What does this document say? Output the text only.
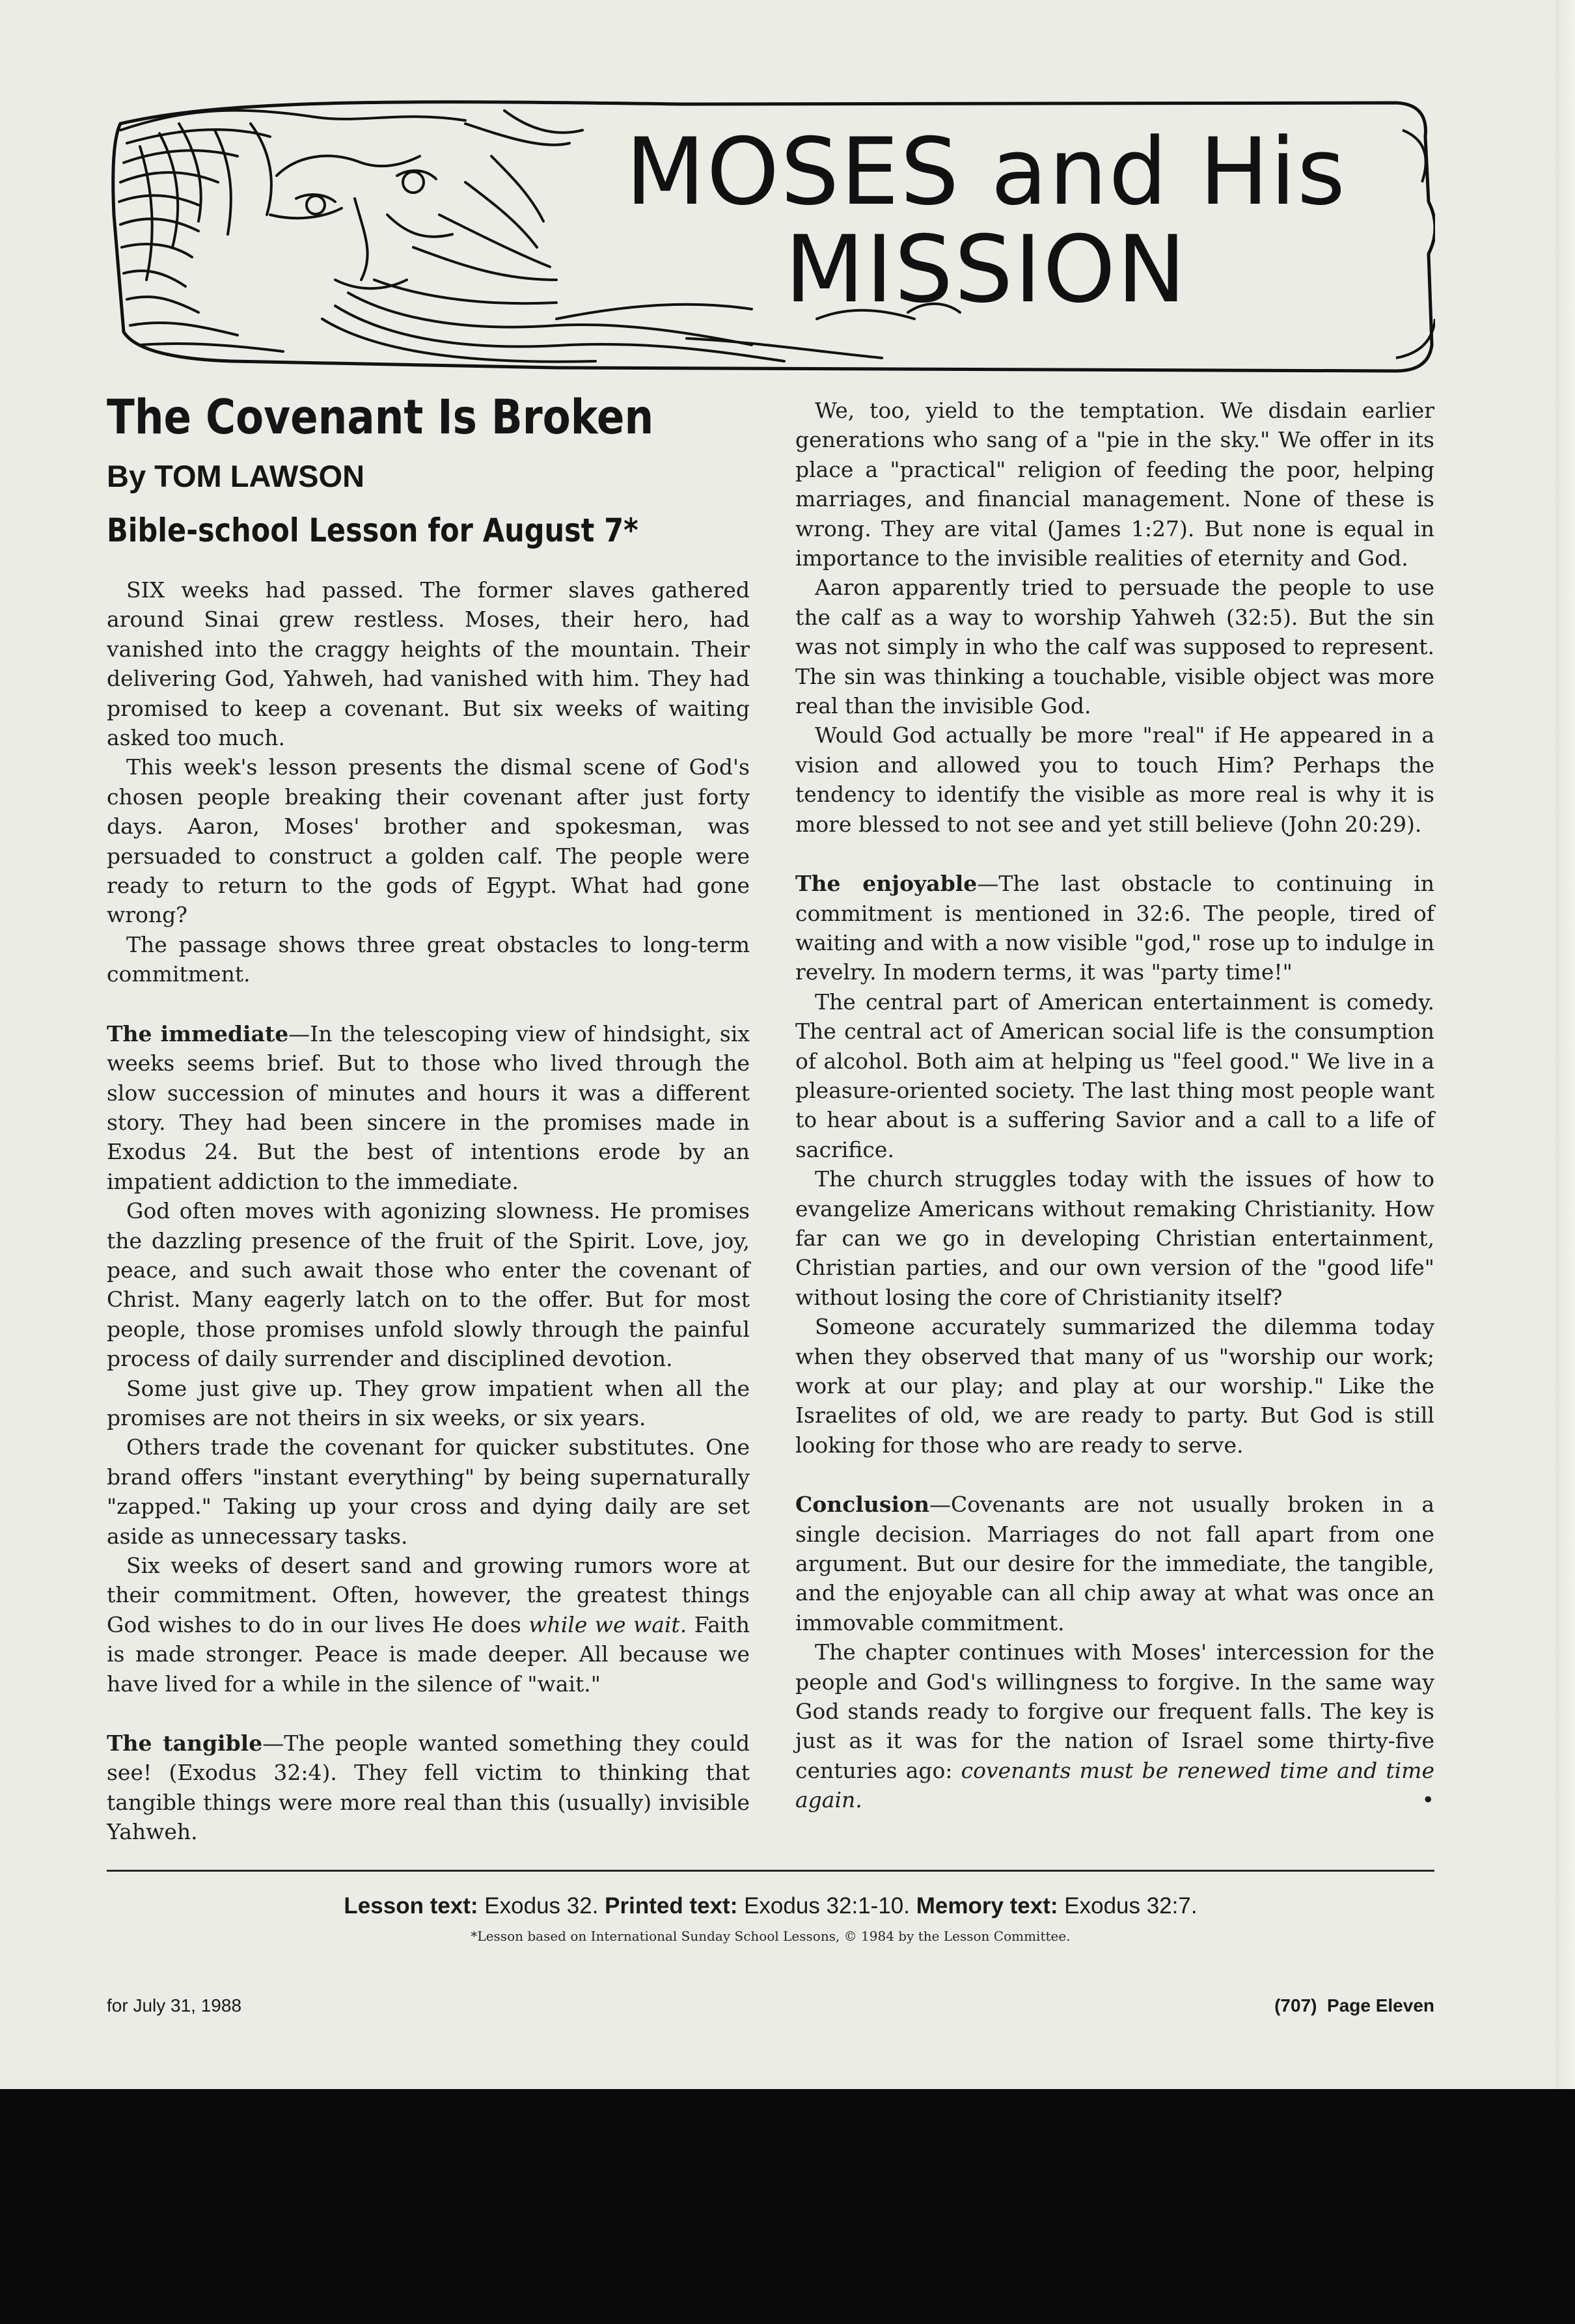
MOSES and His
MISSION
The Covenant Is Broken
By TOM LAWSON
Bible-school Lesson for August 7*

SIX weeks had passed. The former slaves gathered around Sinai grew restless. Moses, their hero, had vanished into the craggy heights of the mountain. Their delivering God, Yahweh, had vanished with him. They had promised to keep a covenant. But six weeks of waiting asked too much.

This week's lesson presents the dismal scene of God's chosen people breaking their covenant after just forty days. Aaron, Moses' brother and spokesman, was persuaded to construct a golden calf. The people were ready to return to the gods of Egypt. What had gone wrong?

The passage shows three great obstacles to long-term commitment.

The immediate—In the telescoping view of hindsight, six weeks seems brief. But to those who lived through the slow succession of minutes and hours it was a different story. They had been sincere in the promises made in Exodus 24. But the best of intentions erode by an impatient addiction to the immediate.

God often moves with agonizing slowness. He promises the dazzling presence of the fruit of the Spirit. Love, joy, peace, and such await those who enter the covenant of Christ. Many eagerly latch on to the offer. But for most people, those promises unfold slowly through the painful process of daily surrender and disciplined devotion.

Some just give up. They grow impatient when all the promises are not theirs in six weeks, or six years.

Others trade the covenant for quicker substitutes. One brand offers "instant everything" by being supernaturally "zapped." Taking up your cross and dying daily are set aside as unnecessary tasks.

Six weeks of desert sand and growing rumors wore at their commitment. Often, however, the greatest things God wishes to do in our lives He does while we wait. Faith is made stronger. Peace is made deeper. All because we have lived for a while in the silence of "wait."

The tangible—The people wanted something they could see! (Exodus 32:4). They fell victim to thinking that tangible things were more real than this (usually) invisible Yahweh.

We, too, yield to the temptation. We disdain earlier generations who sang of a "pie in the sky." We offer in its place a "practical" religion of feeding the poor, helping marriages, and financial management. None of these is wrong. They are vital (James 1:27). But none is equal in importance to the invisible realities of eternity and God.

Aaron apparently tried to persuade the people to use the calf as a way to worship Yahweh (32:5). But the sin was not simply in who the calf was supposed to represent. The sin was thinking a touchable, visible object was more real than the invisible God.

Would God actually be more "real" if He appeared in a vision and allowed you to touch Him? Perhaps the tendency to identify the visible as more real is why it is more blessed to not see and yet still believe (John 20:29).

The enjoyable—The last obstacle to continuing in commitment is mentioned in 32:6. The people, tired of waiting and with a now visible "god," rose up to indulge in revelry. In modern terms, it was "party time!"

The central part of American entertainment is comedy. The central act of American social life is the consumption of alcohol. Both aim at helping us "feel good." We live in a pleasure-oriented society. The last thing most people want to hear about is a suffering Savior and a call to a life of sacrifice.

The church struggles today with the issues of how to evangelize Americans without remaking Christianity. How far can we go in developing Christian entertainment, Christian parties, and our own version of the "good life" without losing the core of Christianity itself?

Someone accurately summarized the dilemma today when they observed that many of us "worship our work; work at our play; and play at our worship." Like the Israelites of old, we are ready to party. But God is still looking for those who are ready to serve.

Conclusion—Covenants are not usually broken in a single decision. Marriages do not fall apart from one argument. But our desire for the immediate, the tangible, and the enjoyable can all chip away at what was once an immovable commitment.

The chapter continues with Moses' intercession for the people and God's willingness to forgive. In the same way God stands ready to forgive our frequent falls. The key is just as it was for the nation of Israel some thirty-five centuries ago: covenants must be renewed time and time again.	•

Lesson text: Exodus 32. Printed text: Exodus 32:1-10. Memory text: Exodus 32:7.
*Lesson based on International Sunday School Lessons, © 1984 by the Lesson Committee.
for July 31, 1988	(707)  Page Eleven
